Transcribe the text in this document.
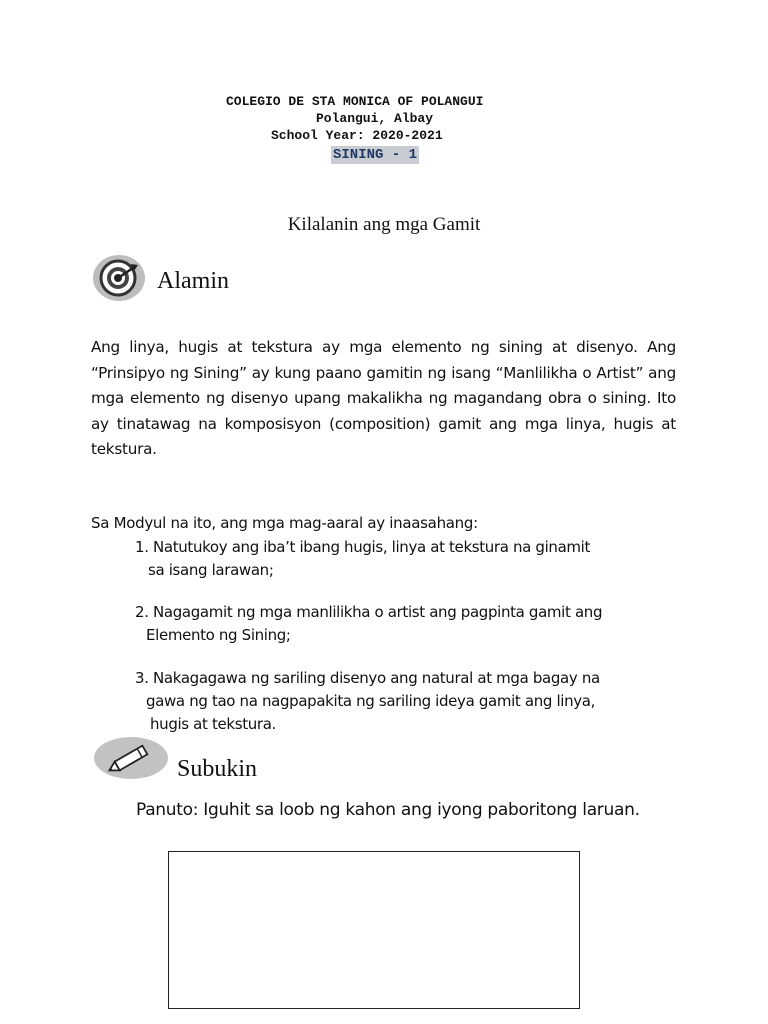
COLEGIO DE STA MONICA OF POLANGUI
Polangui, Albay
School Year: 2020-2021
SINING - 1
Kilalanin ang mga Gamit
Alamin
Ang linya, hugis at tekstura ay mga elemento ng sining at disenyo. Ang “Prinsipyo ng Sining” ay kung paano gamitin ng isang “Manlilikha o Artist” ang mga elemento ng disenyo upang makalikha ng magandang obra o sining. Ito ay tinatawag na komposisyon (composition) gamit ang mga linya, hugis at tekstura.
Sa Modyul na ito, ang mga mag-aaral ay inaasahang:
1. Natutukoy ang iba’t ibang hugis, linya at tekstura na ginamit
sa isang larawan;
2. Nagagamit ng mga manlilikha o artist ang pagpinta gamit ang
Elemento ng Sining;
3. Nakagagawa ng sariling disenyo ang natural at mga bagay na
gawa ng tao na nagpapakita ng sariling ideya gamit ang linya,
hugis at tekstura.
Subukin
Panuto: Iguhit sa loob ng kahon ang iyong paboritong laruan.
